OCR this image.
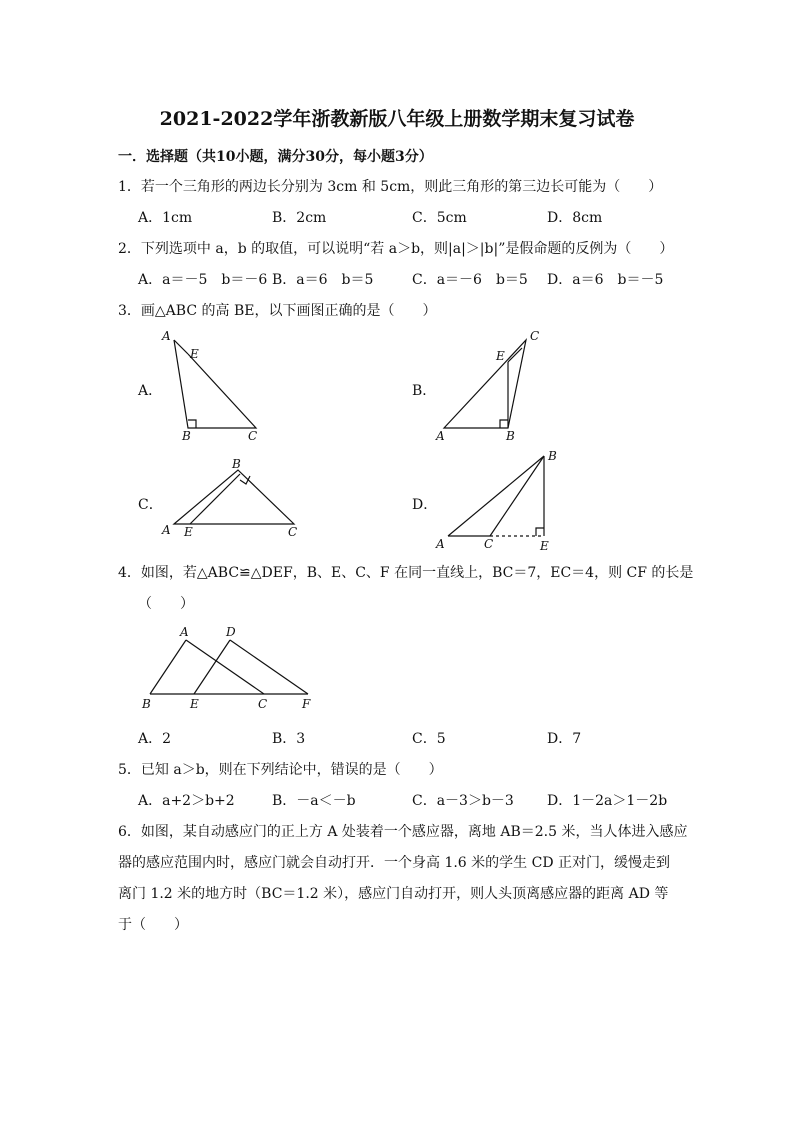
2021-2022学年浙教新版八年级上册数学期末复习试卷
一．选择题（共10小题，满分30分，每小题3分）
1．若一个三角形的两边长分别为 3cm 和 5cm，则此三角形的第三边长可能为（　　）
A．1cm	B．2cm	C．5cm	D．8cm
2．下列选项中 a，b 的取值，可以说明“若 a＞b，则|a|＞|b|”是假命题的反例为（　　）
A．a＝－5　b＝－6 B．a＝6　b＝5	C．a＝－6　b＝5 D．a＝6　b＝－5
3．画△ABC 的高 BE，以下画图正确的是（　　）
A．
A
E
B	C
B．
C
E
A	B
C．
B
A E	C
D．
B
A	C	E
4．如图，若△ABC≌△DEF，B、E、C、F 在同一直线上，BC＝7，EC＝4，则 CF 的长是
（　　）
A	D
B	E	C	F
A．2	B．3	C．5	D．7
5．已知 a＞b，则在下列结论中，错误的是（　　）
A．a+2＞b+2	B．－a＜－b	C．a－3＞b－3 D．1－2a＞1－2b
6．如图，某自动感应门的正上方 A 处装着一个感应器，离地 AB＝2.5 米，当人体进入感应
器的感应范围内时，感应门就会自动打开．一个身高 1.6 米的学生 CD 正对门，缓慢走到
离门 1.2 米的地方时（BC＝1.2 米），感应门自动打开，则人头顶离感应器的距离 AD 等
于（　　）
